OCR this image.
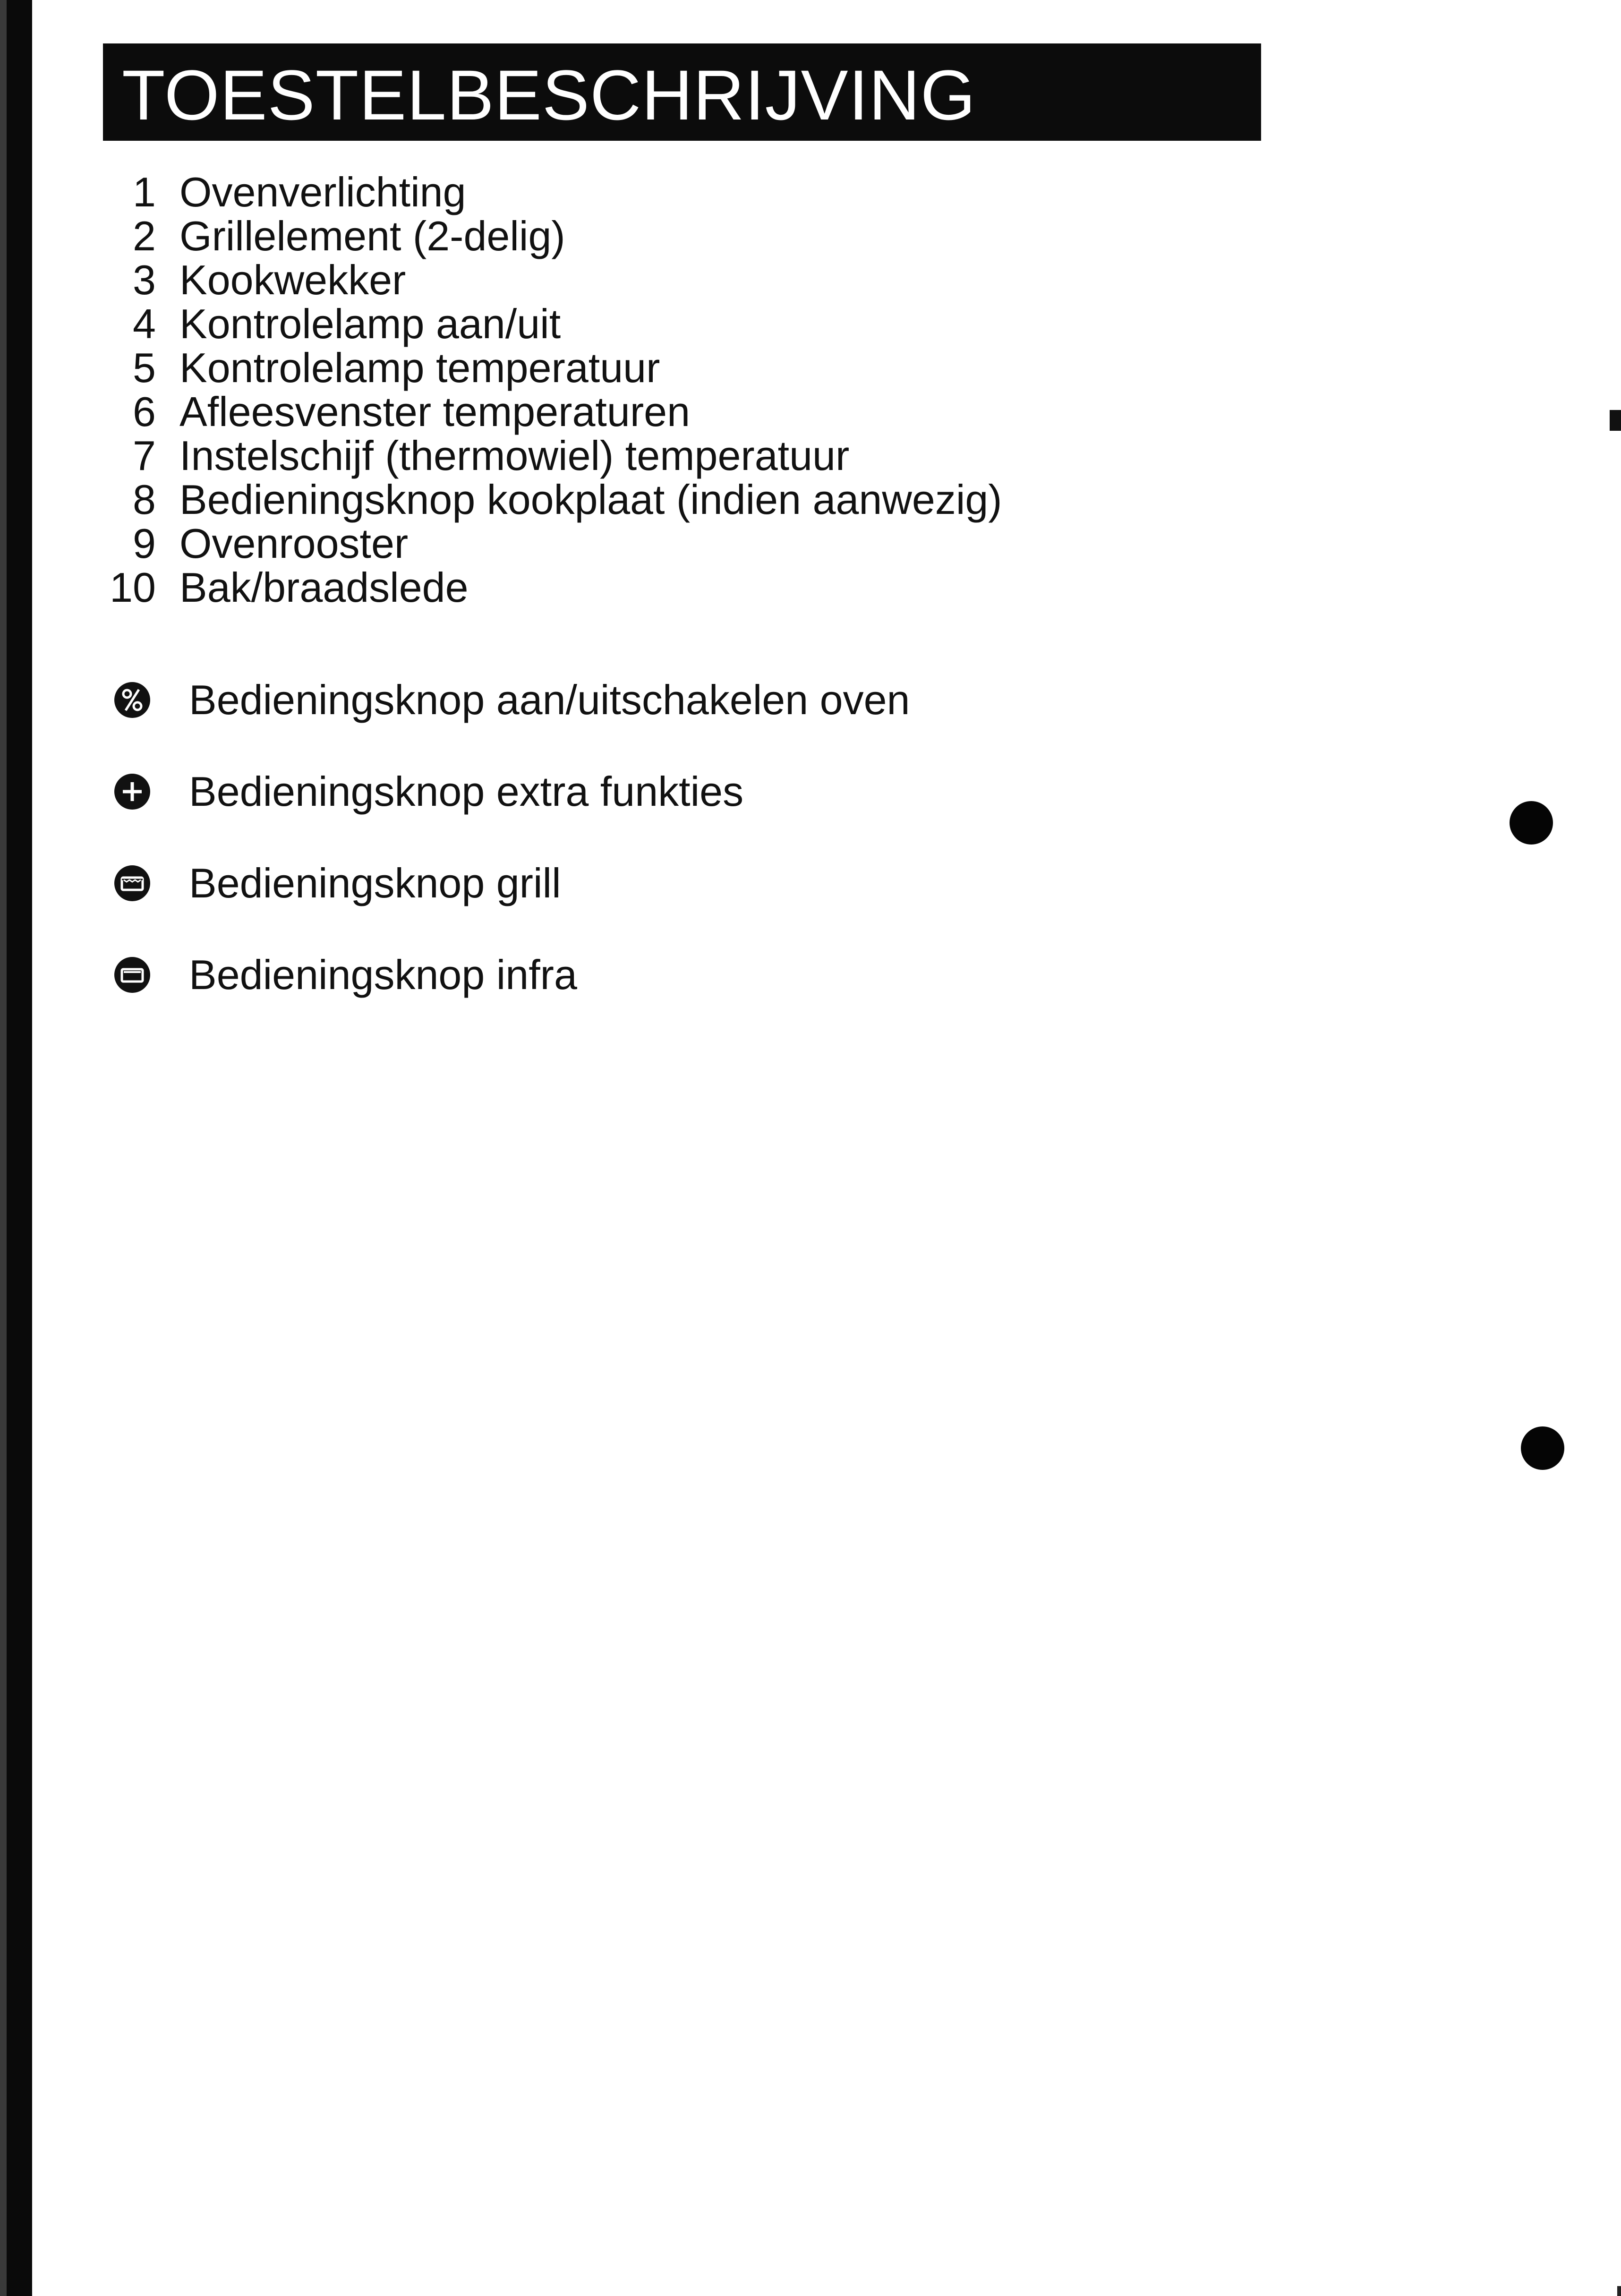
TOESTELBESCHRIJVING
1 Ovenverlichting
2 Grillelement (2-delig)
3 Kookwekker
4 Kontrolelamp aan/uit
5 Kontrolelamp temperatuur
6 Afleesvenster temperaturen
7 Instelschijf (thermowiel) temperatuur
8 Bedieningsknop kookplaat (indien aanwezig)
9 Ovenrooster
10 Bak/braadslede
Bedieningsknop aan/uitschakelen oven
Bedieningsknop extra funkties
Bedieningsknop grill
Bedieningsknop infra
